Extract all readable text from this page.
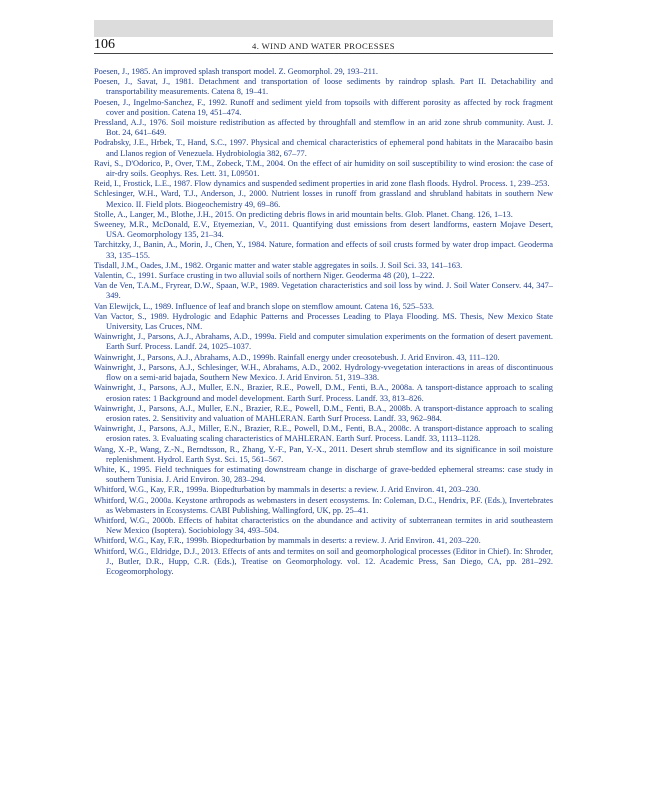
106	4. WIND AND WATER PROCESSES
Poesen, J., 1985. An improved splash transport model. Z. Geomorphol. 29, 193–211.
Poesen, J., Savat, J., 1981. Detachment and transportation of loose sediments by raindrop splash. Part II. Detachability and transportability measurements. Catena 8, 19–41.
Poesen, J., Ingelmo-Sanchez, F., 1992. Runoff and sediment yield from topsoils with different porosity as affected by rock fragment cover and position. Catena 19, 451–474.
Pressland, A.J., 1976. Soil moisture redistribution as affected by throughfall and stemflow in an arid zone shrub community. Aust. J. Bot. 24, 641–649.
Podrabsky, J.E., Hrbek, T., Hand, S.C., 1997. Physical and chemical characteristics of ephemeral pond habitats in the Maracaibo basin and Llanos region of Venezuela. Hydrobiologia 382, 67–77.
Ravi, S., D'Odorico, P., Over, T.M., Zobeck, T.M., 2004. On the effect of air humidity on soil susceptibility to wind erosion: the case of air-dry soils. Geophys. Res. Lett. 31, L09501.
Reid, I., Frostick, L.E., 1987. Flow dynamics and suspended sediment properties in arid zone flash floods. Hydrol. Process. 1, 239–253.
Schlesinger, W.H., Ward, T.J., Anderson, J., 2000. Nutrient losses in runoff from grassland and shrubland habitats in southern New Mexico. II. Field plots. Biogeochemistry 49, 69–86.
Stolle, A., Langer, M., Blothe, J.H., 2015. On predicting debris flows in arid mountain belts. Glob. Planet. Chang. 126, 1–13.
Sweeney, M.R., McDonald, E.V., Etyemezian, V., 2011. Quantifying dust emissions from desert landforms, eastern Mojave Desert, USA. Geomorphology 135, 21–34.
Tarchitzky, J., Banin, A., Morin, J., Chen, Y., 1984. Nature, formation and effects of soil crusts formed by water drop impact. Geoderma 33, 135–155.
Tisdall, J.M., Oades, J.M., 1982. Organic matter and water stable aggregates in soils. J. Soil Sci. 33, 141–163.
Valentin, C., 1991. Surface crusting in two alluvial soils of northern Niger. Geoderma 48 (20), 1–222.
Van de Ven, T.A.M., Fryrear, D.W., Spaan, W.P., 1989. Vegetation characteristics and soil loss by wind. J. Soil Water Conserv. 44, 347–349.
Van Elewijck, L., 1989. Influence of leaf and branch slope on stemflow amount. Catena 16, 525–533.
Van Vactor, S., 1989. Hydrologic and Edaphic Patterns and Processes Leading to Playa Flooding. MS. Thesis, New Mexico State University, Las Cruces, NM.
Wainwright, J., Parsons, A.J., Abrahams, A.D., 1999a. Field and computer simulation experiments on the formation of desert pavement. Earth Surf. Process. Landf. 24, 1025–1037.
Wainwright, J., Parsons, A.J., Abrahams, A.D., 1999b. Rainfall energy under creosotebush. J. Arid Environ. 43, 111–120.
Wainwright, J., Parsons, A.J., Schlesinger, W.H., Abrahams, A.D., 2002. Hydrology-vvegetation interactions in areas of discontinuous flow on a semi-arid bajada, Southern New Mexico. J. Arid Environ. 51, 319–338.
Wainwright, J., Parsons, A.J., Muller, E.N., Brazier, R.E., Powell, D.M., Fenti, B.A., 2008a. A tansport-distance approach to scaling erosion rates: 1 Background and model development. Earth Surf. Process. Landf. 33, 813–826.
Wainwright, J., Parsons, A.J., Muller, E.N., Brazier, R.E., Powell, D.M., Fenti, B.A., 2008b. A transport-distance approach to scaling erosion rates. 2. Sensitivity and valuation of MAHLERAN. Earth Surf Process. Landf. 33, 962–984.
Wainwright, J., Parsons, A.J., Miller, E.N., Brazier, R.E., Powell, D.M., Fenti, B.A., 2008c. A transport-distance approach to scaling erosion rates. 3. Evaluating scaling characteristics of MAHLERAN. Earth Surf. Process. Landf. 33, 1113–1128.
Wang, X.-P., Wang, Z.-N., Berndtsson, R., Zhang, Y.-F., Pan, Y.-X., 2011. Desert shrub stemflow and its significance in soil moisture replenishment. Hydrol. Earth Syst. Sci. 15, 561–567.
White, K., 1995. Field techniques for estimating downstream change in discharge of grave-bedded ephemeral streams: case study in southern Tunisia. J. Arid Environ. 30, 283–294.
Whitford, W.G., Kay, F.R., 1999a. Biopedturbation by mammals in deserts: a review. J. Arid Environ. 41, 203–230.
Whitford, W.G., 2000a. Keystone arthropods as webmasters in desert ecosystems. In: Coleman, D.C., Hendrix, P.F. (Eds.), Invertebrates as Webmasters in Ecosystems. CABI Publishing, Wallingford, UK, pp. 25–41.
Whitford, W.G., 2000b. Effects of habitat characteristics on the abundance and activity of subterranean termites in arid southeastern New Mexico (Isoptera). Sociobiology 34, 493–504.
Whitford, W.G., Kay, F.R., 1999b. Biopedturbation by mammals in deserts: a review. J. Arid Environ. 41, 203–220.
Whitford, W.G., Eldridge, D.J., 2013. Effects of ants and termites on soil and geomorphological processes (Editor in Chief). In: Shroder, J., Butler, D.R., Hupp, C.R. (Eds.), Treatise on Geomorphology. vol. 12. Academic Press, San Diego, CA, pp. 281–292. Ecogeomorphology.
